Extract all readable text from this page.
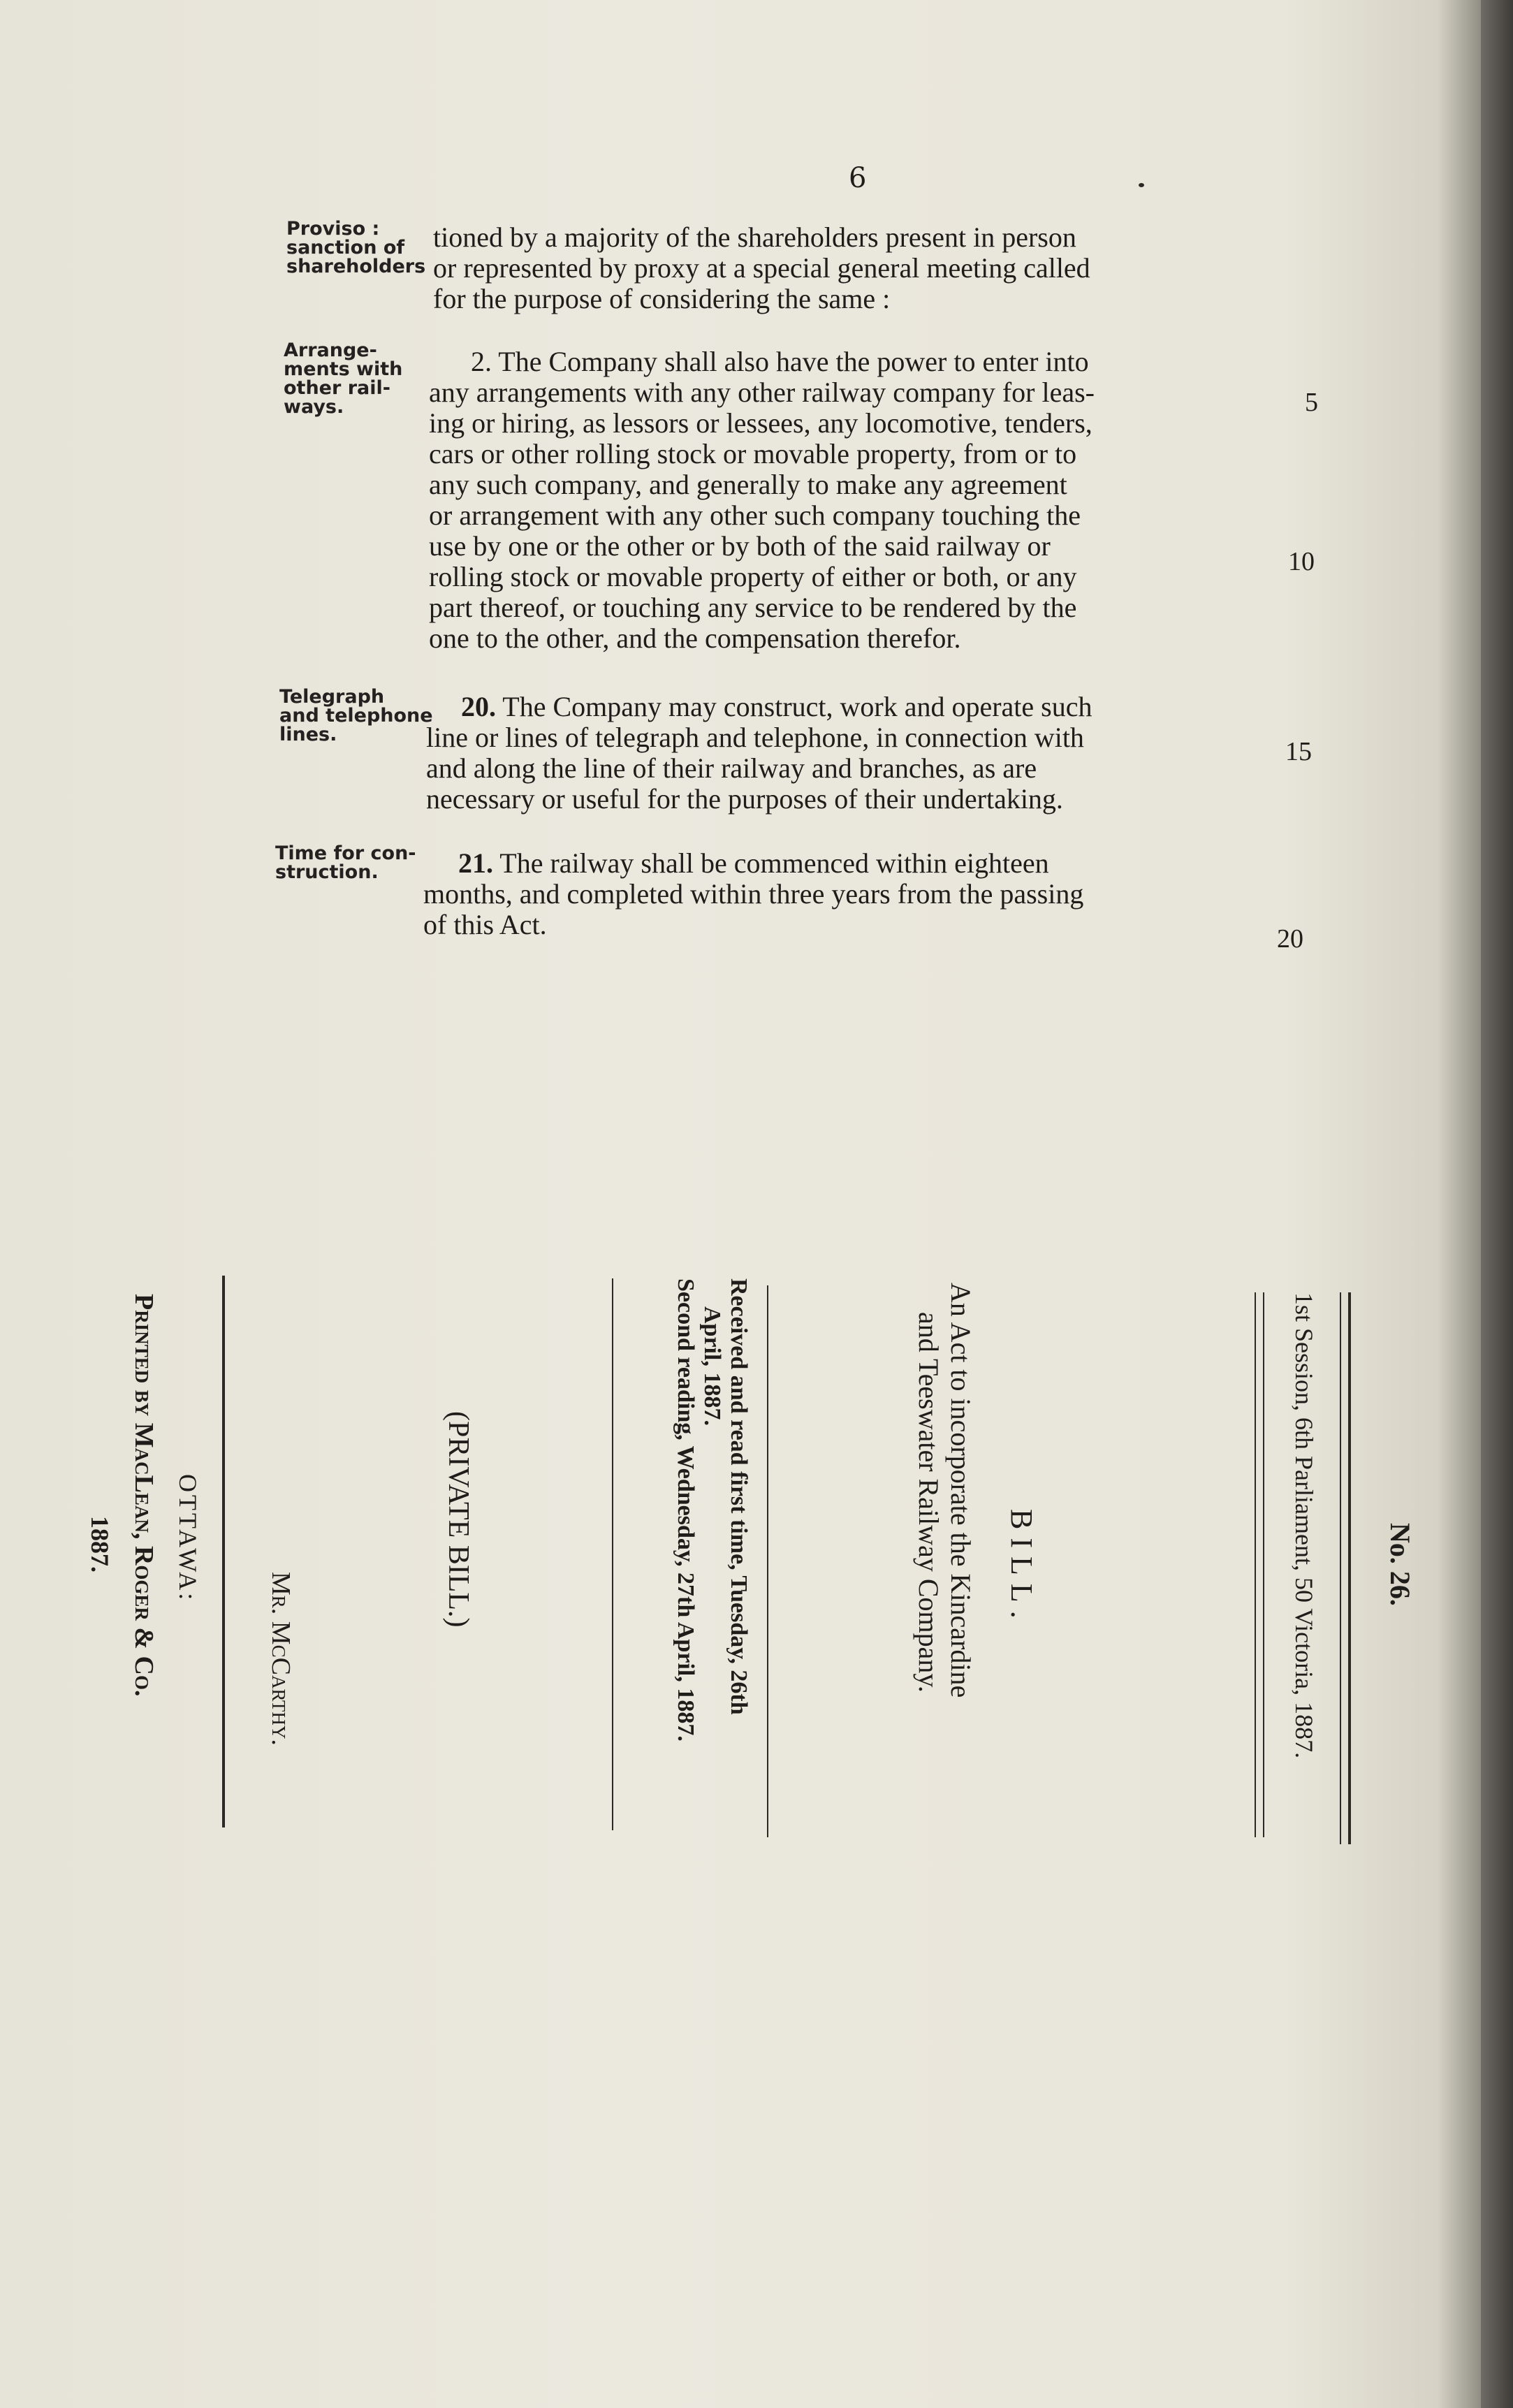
6
Proviso :
sanction of
shareholders
Arrange-
ments with
other rail-
ways.
Telegraph
and telephone
lines.
Time for con-
struction.
tioned by a majority of the shareholders present in person
or represented by proxy at a special general meeting called
for the purpose of considering the same :
2. The Company shall also have the power to enter into
any arrangements with any other railway company for leas-
ing or hiring, as lessors or lessees, any locomotive, tenders,
cars or other rolling stock or movable property, from or to
any such company, and generally to make any agreement
or arrangement with any other such company touching the
use by one or the other or by both of the said railway or
rolling stock or movable property of either or both, or any
part thereof, or touching any service to be rendered by the
one to the other, and the compensation therefor.
20. The Company may construct, work and operate such
line or lines of telegraph and telephone, in connection with
and along the line of their railway and branches, as are
necessary or useful for the purposes of their undertaking.
21. The railway shall be commenced within eighteen
months, and completed within three years from the passing
of this Act.
5
10
15
20
No. 26.
1st Session, 6th Parliament, 50 Victoria, 1887.
BILL.
An Act to incorporate the Kincardine
and Teeswater Railway Company.
Received and read first time, Tuesday, 26th
April, 1887.
Second reading, Wednesday, 27th April, 1887.
(PRIVATE BILL.)
Mr. McCarthy.
OTTAWA:
Printed by MacLean, Roger & Co.
1887.
